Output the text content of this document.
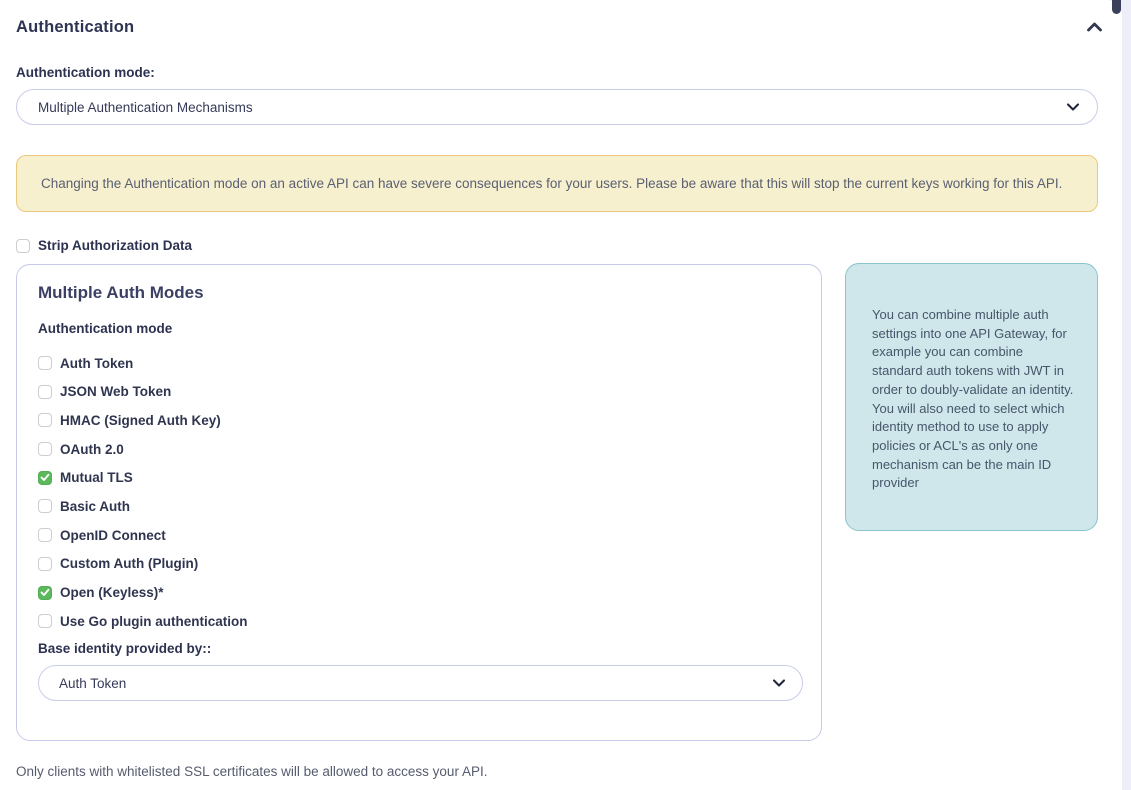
Authentication
Authentication mode:
Multiple Authentication Mechanisms
Changing the Authentication mode on an active API can have severe consequences for your users. Please be aware that this will stop the current keys working for this API.
Strip Authorization Data
Multiple Auth Modes
Authentication mode
Auth Token
JSON Web Token
HMAC (Signed Auth Key)
OAuth 2.0
Mutual TLS
Basic Auth
OpenID Connect
Custom Auth (Plugin)
Open (Keyless)*
Use Go plugin authentication
Base identity provided by::
Auth Token
You can combine multiple auth settings into one API Gateway, for example you can combine standard auth tokens with JWT in order to doubly-validate an identity. You will also need to select which identity method to use to apply policies or ACL's as only one mechanism can be the main ID provider
Only clients with whitelisted SSL certificates will be allowed to access your API.
